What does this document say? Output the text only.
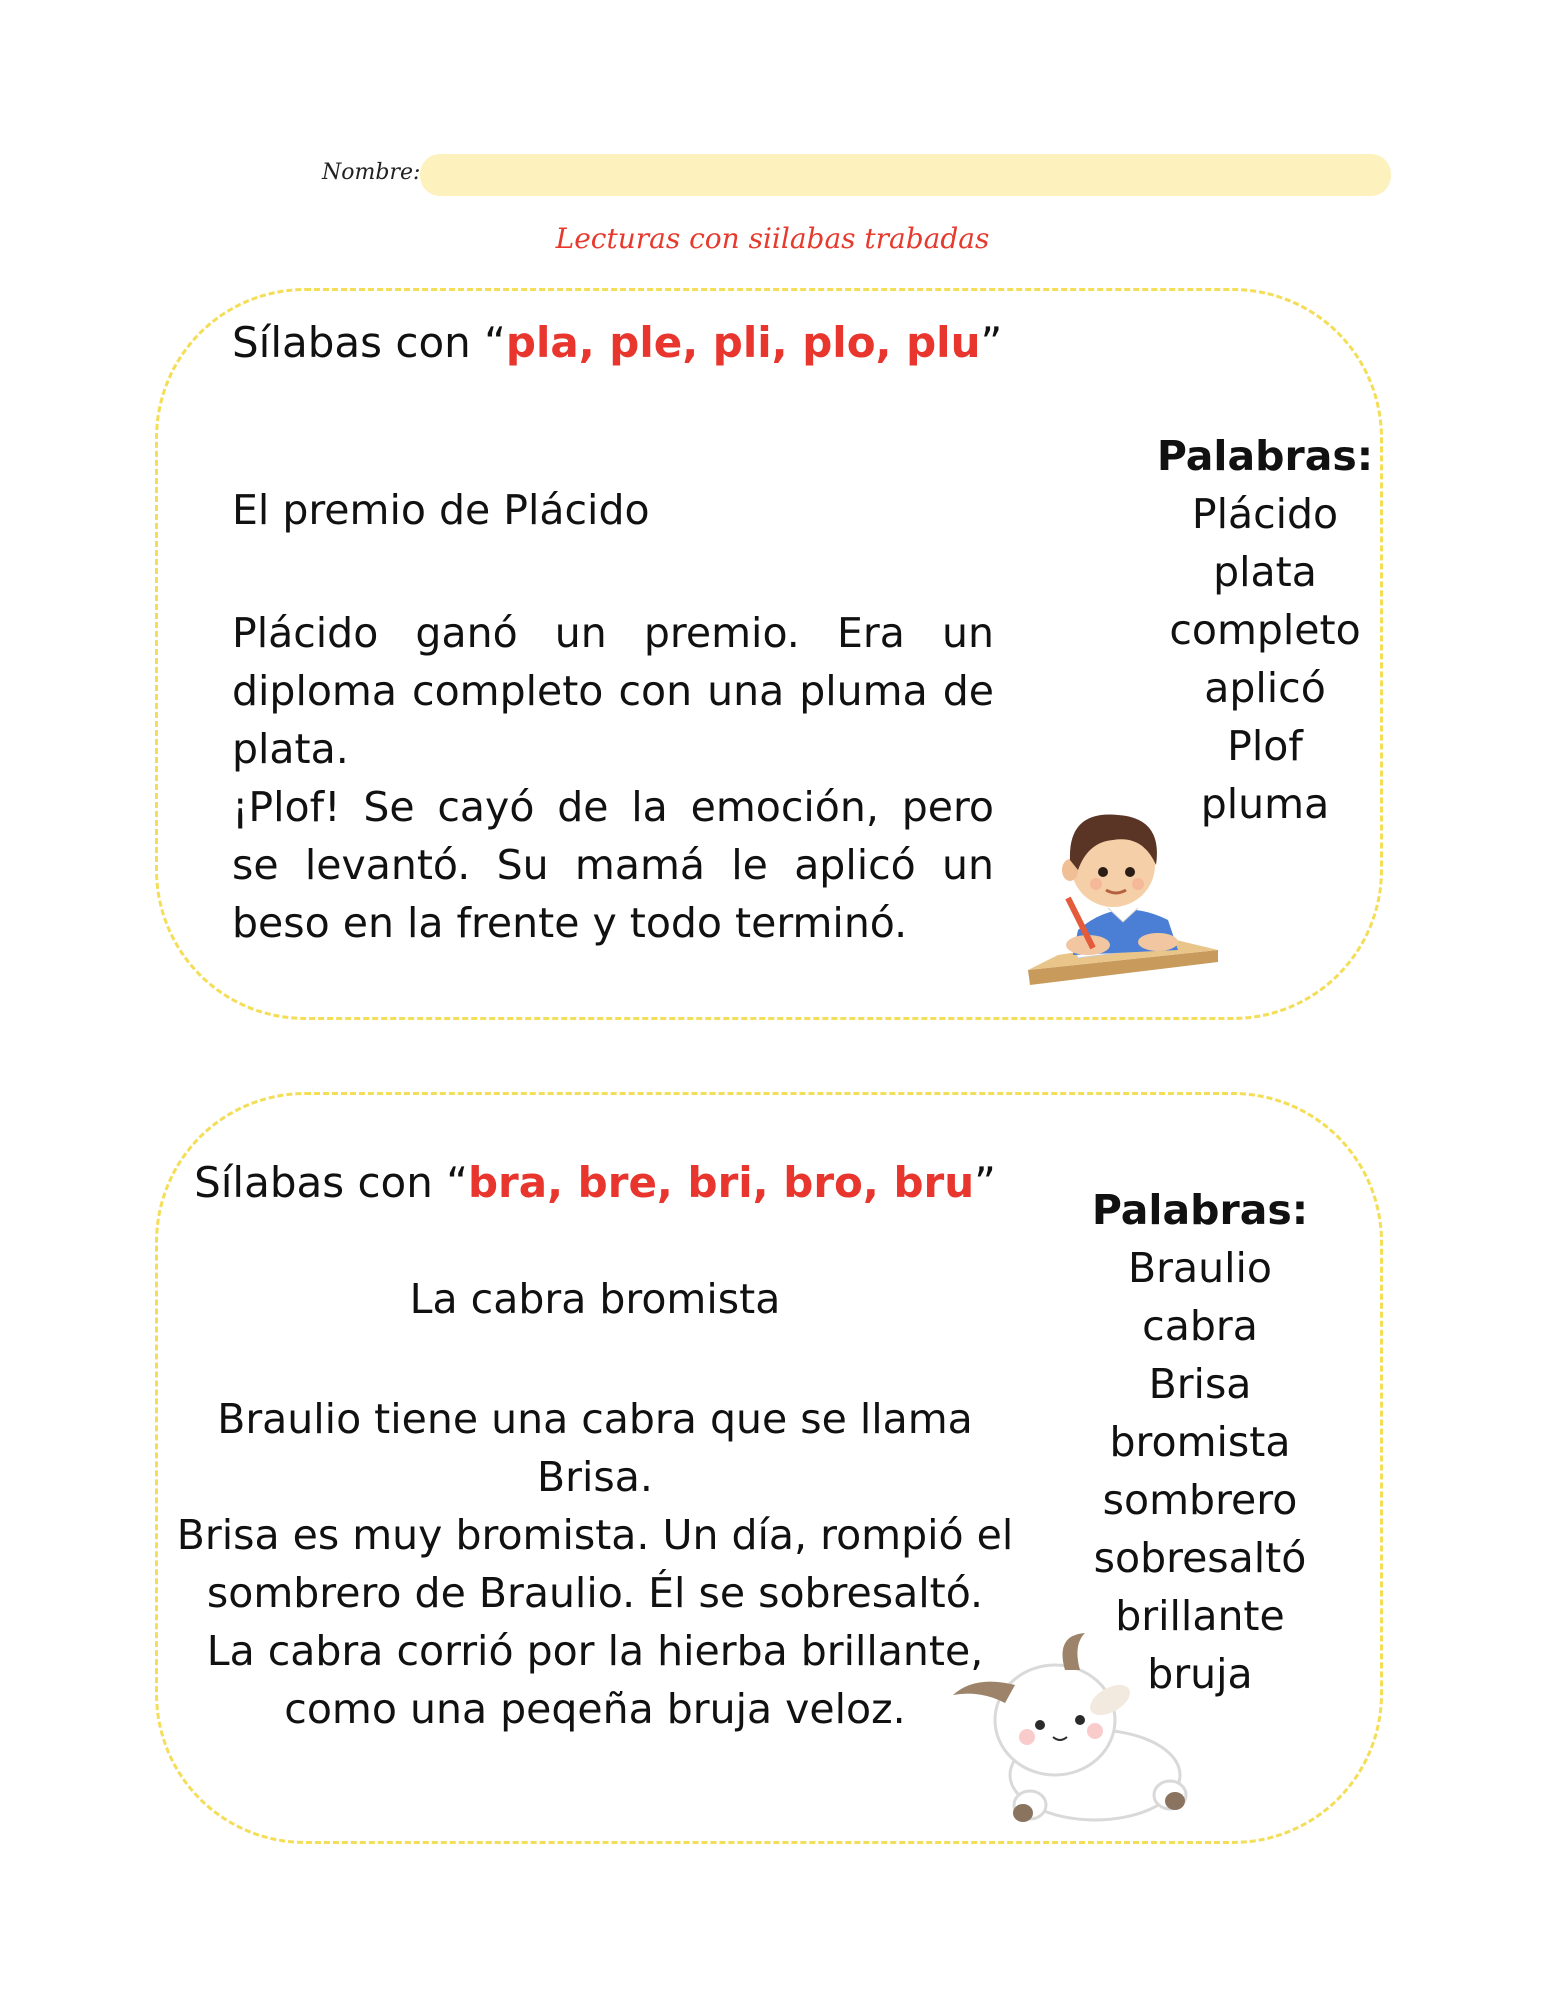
Nombre:
Lecturas con siilabas trabadas
Sílabas con “pla, ple, pli, plo, plu”
El premio de Plácido
Plácido ganó un premio. Era un diploma completo con una pluma de plata.
¡Plof! Se cayó de la emoción, pero se levantó. Su mamá le aplicó un beso en la frente y todo terminó.
Palabras:
Plácido
plata
completo
aplicó
Plof
pluma
Sílabas con “bra, bre, bri, bro, bru”
La cabra bromista
Braulio tiene una cabra que se llama
Brisa.
Brisa es muy bromista. Un día, rompió el
sombrero de Braulio. Él se sobresaltó.
La cabra corrió por la hierba brillante,
como una peqeña bruja veloz.
Palabras:
Braulio
cabra
Brisa
bromista
sombrero
sobresaltó
brillante
bruja
